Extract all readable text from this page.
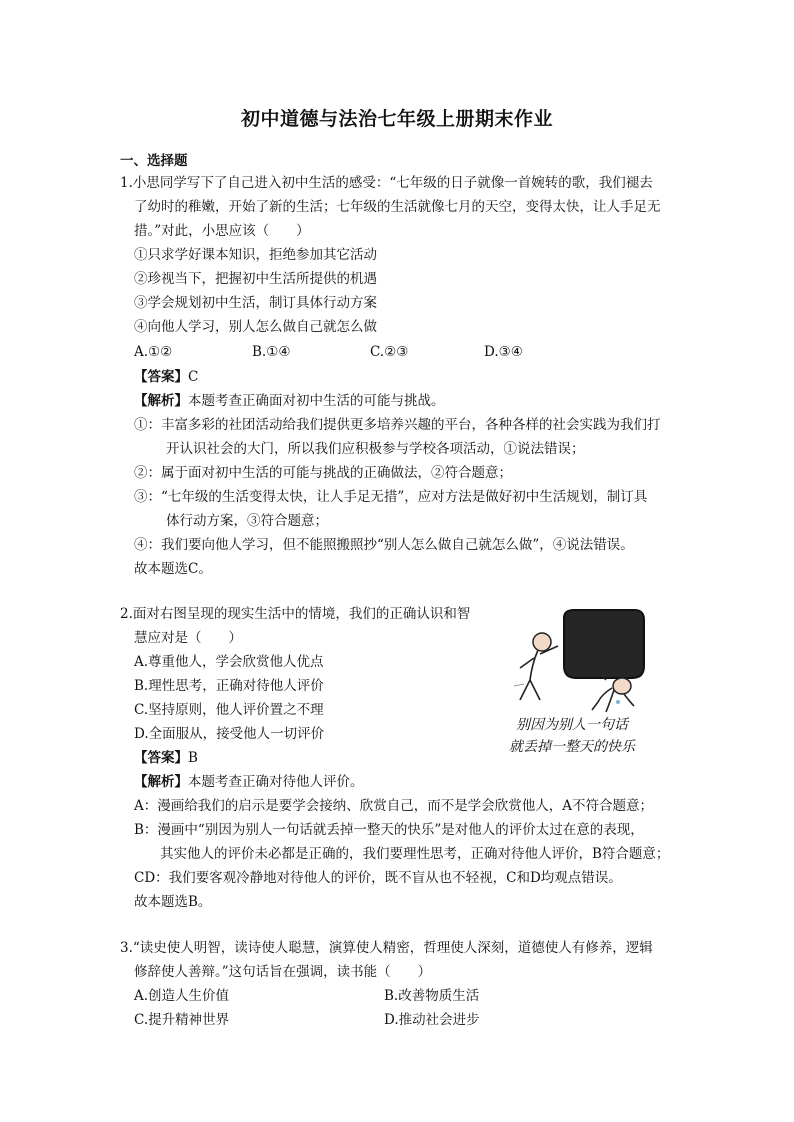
初中道德与法治七年级上册期末作业
一、选择题
1.小思同学写下了自己进入初中生活的感受：“七年级的日子就像一首婉转的歌，我们褪去
了幼时的稚嫩，开始了新的生活；七年级的生活就像七月的天空，变得太快，让人手足无
措。”对此，小思应该（　　）
①只求学好课本知识，拒绝参加其它活动
②珍视当下，把握初中生活所提供的机遇
③学会规划初中生活，制订具体行动方案
④向他人学习，别人怎么做自己就怎么做
A.①②	B.①④	C.②③	D.③④
【答案】C
【解析】本题考查正确面对初中生活的可能与挑战。
①：丰富多彩的社团活动给我们提供更多培养兴趣的平台，各种各样的社会实践为我们打
开认识社会的大门，所以我们应积极参与学校各项活动，①说法错误；
②：属于面对初中生活的可能与挑战的正确做法，②符合题意；
③：“七年级的生活变得太快，让人手足无措”，应对方法是做好初中生活规划，制订具
体行动方案，③符合题意；
④：我们要向他人学习，但不能照搬照抄“别人怎么做自己就怎么做”，④说法错误。
故本题选C。
2.面对右图呈现的现实生活中的情境，我们的正确认识和智
慧应对是（　　）
A.尊重他人，学会欣赏他人优点
B.理性思考，正确对待他人评价
C.坚持原则，他人评价置之不理
D.全面服从，接受他人一切评价
【答案】B
【解析】本题考查正确对待他人评价。
A：漫画给我们的启示是要学会接纳、欣赏自己，而不是学会欣赏他人，A不符合题意；
B：漫画中“别因为别人一句话就丢掉一整天的快乐”是对他人的评价太过在意的表现，
其实他人的评价未必都是正确的，我们要理性思考，正确对待他人评价，B符合题意；
CD：我们要客观冷静地对待他人的评价，既不盲从也不轻视，C和D均观点错误。
故本题选B。
别因为别人一句话
就丢掉一整天的快乐
3.“读史使人明智，读诗使人聪慧，演算使人精密，哲理使人深刻，道德使人有修养，逻辑
修辞使人善辩。”这句话旨在强调，读书能（　　）
A.创造人生价值	B.改善物质生活
C.提升精神世界	D.推动社会进步
